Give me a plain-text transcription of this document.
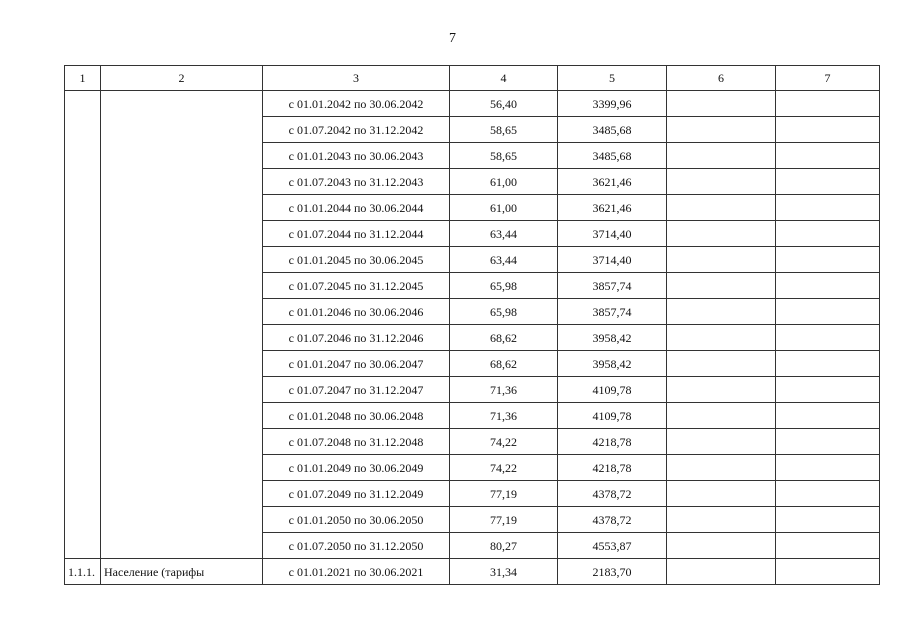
7
1	2	3	4	5	6	7
		с 01.01.2042 по 30.06.2042	56,40	3399,96		
		с 01.07.2042 по 31.12.2042	58,65	3485,68		
		с 01.01.2043 по 30.06.2043	58,65	3485,68		
		с 01.07.2043 по 31.12.2043	61,00	3621,46		
		с 01.01.2044 по 30.06.2044	61,00	3621,46		
		с 01.07.2044 по 31.12.2044	63,44	3714,40		
		с 01.01.2045 по 30.06.2045	63,44	3714,40		
		с 01.07.2045 по 31.12.2045	65,98	3857,74		
		с 01.01.2046 по 30.06.2046	65,98	3857,74		
		с 01.07.2046 по 31.12.2046	68,62	3958,42		
		с 01.01.2047 по 30.06.2047	68,62	3958,42		
		с 01.07.2047 по 31.12.2047	71,36	4109,78		
		с 01.01.2048 по 30.06.2048	71,36	4109,78		
		с 01.07.2048 по 31.12.2048	74,22	4218,78		
		с 01.01.2049 по 30.06.2049	74,22	4218,78		
		с 01.07.2049 по 31.12.2049	77,19	4378,72		
		с 01.01.2050 по 30.06.2050	77,19	4378,72		
		с 01.07.2050 по 31.12.2050	80,27	4553,87		
1.1.1.	Население (тарифы	с 01.01.2021 по 30.06.2021	31,34	2183,70		
